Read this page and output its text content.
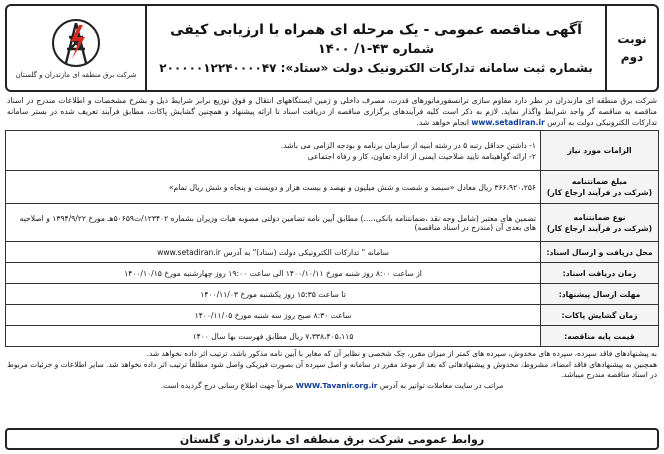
نوبت
دوم
آگهی مناقصه عمومی - یک مرحله ای همراه با ارزیابی کیفی
شماره ۴۳-۱/ ۱۴۰۰
بشماره ثبت سامانه تدارکات الکترونیک دولت «ستاد»: ۲۰۰۰۰۰۱۲۲۴۰۰۰۰۴۷
شرکت برق منطقه ای مازندران و گلستان
شرکت برق منطقه ای مازندران در نظر دارد مقاوم سازی ترانسفورماتورهای قدرت، مصرف داخلی و زمین ایستگاههای انتقال و فوق توزیع برابر شرایط ذیل و بشرح مشخصات و اطلاعات مندرج در اسناد مناقصه به مناقصه گر واجد شرایط واگذار نماید. لازم به ذکر است کلیه فرآیندهای برگزاری مناقصه از دریافت اسناد تا ارائه پیشنهاد و همچنین گشایش پاکات، مطابق فرآیند تعریف شده در بستر سامانه تدارکات الکترونیکی دولت به آدرس www.setadiran.ir انجام خواهد شد.
الزامات مورد نیاز	۱- داشتن حداقل رتبه ۵ در رشته ابنیه از سازمان برنامه و بودجه الزامی می باشد.
۲- ارائه گواهینامه تایید صلاحیت ایمنی از اداره تعاون، کار و رفاه اجتماعی

مبلغ ضمانتنامه
(شرکت در فرآیند ارجاع کار)	۳۶۶،۹۲۰،۲۵۶ ریال معادل «سیصد و شصت و شش میلیون و نهصد و بیست هزار و دویست و پنجاه و شش ریال تمام»

نوع ضمانتنامه
(شرکت در فرآیند ارجاع کار)	تضمین های معتبر (شامل وجه نقد ،ضمانتنامه بانکی،....) مطابق آیین نامه تضامین دولتی مصوبه هیات وزیران بشماره ۱۲۳۴۰۲/ت۵۰۶۵۹هـ مورخ ۱۳۹۴/۹/۲۲ و اصلاحیه های بعدی آن (مندرج در اسناد مناقصه)
محل دریافت و ارسال اسناد:	سامانه " تدارکات الکترونیکی دولت (ستاد)" به آدرس www.setadiran.ir
زمان دریافت اسناد:	از ساعت ۸:۰۰ روز شنبه مورخ ۱۴۰۰/۱۰/۱۱ الی ساعت ۱۹:۰۰ روز چهارشنبه مورخ ۱۴۰۰/۱۰/۱۵
مهلت ارسال پیشنهاد:	تا ساعت ۱۵:۳۵ روز یکشنبه مورخ ۱۴۰۰/۱۱/۰۳
زمان گشایش پاکات:	ساعت ۸:۳۰ صبح روز سه شنبه مورخ ۱۴۰۰/۱۱/۰۵
قیمت پایه مناقصه:	۷،۳۳۸،۴۰۵،۱۱۵ ریال مطابق فهرست بها سال ۱۴۰۰
به پیشنهادهای فاقد سپرده، سپرده های مخدوش، سپرده های کمتر از میزان مقرر، چک شخصی و نظایر آن که مغایر با آیین نامه مذکور باشد، ترتیب اثر داده نخواهد شد.
همچنین به پیشنهادهای فاقد امضاء، مشروط، مخدوش و پیشنهادهائی که بعد از موعد مقرر در سامانه و اصل سپرده آن بصورت فیزیکی واصل شود مطلقاً ترتیب اثر داده نخواهد شد. سایر اطلاعات و جزئیات مربوط در اسناد مناقصه مندرج میباشد.
مراتب در سایت معاملات توانیر به آدرس WWW.Tavanir.org.ir صرفاً جهت اطلاع رسانی درج گردیده است.
روابط عمومی شرکت برق منطقه ای مازندران و گلستان
